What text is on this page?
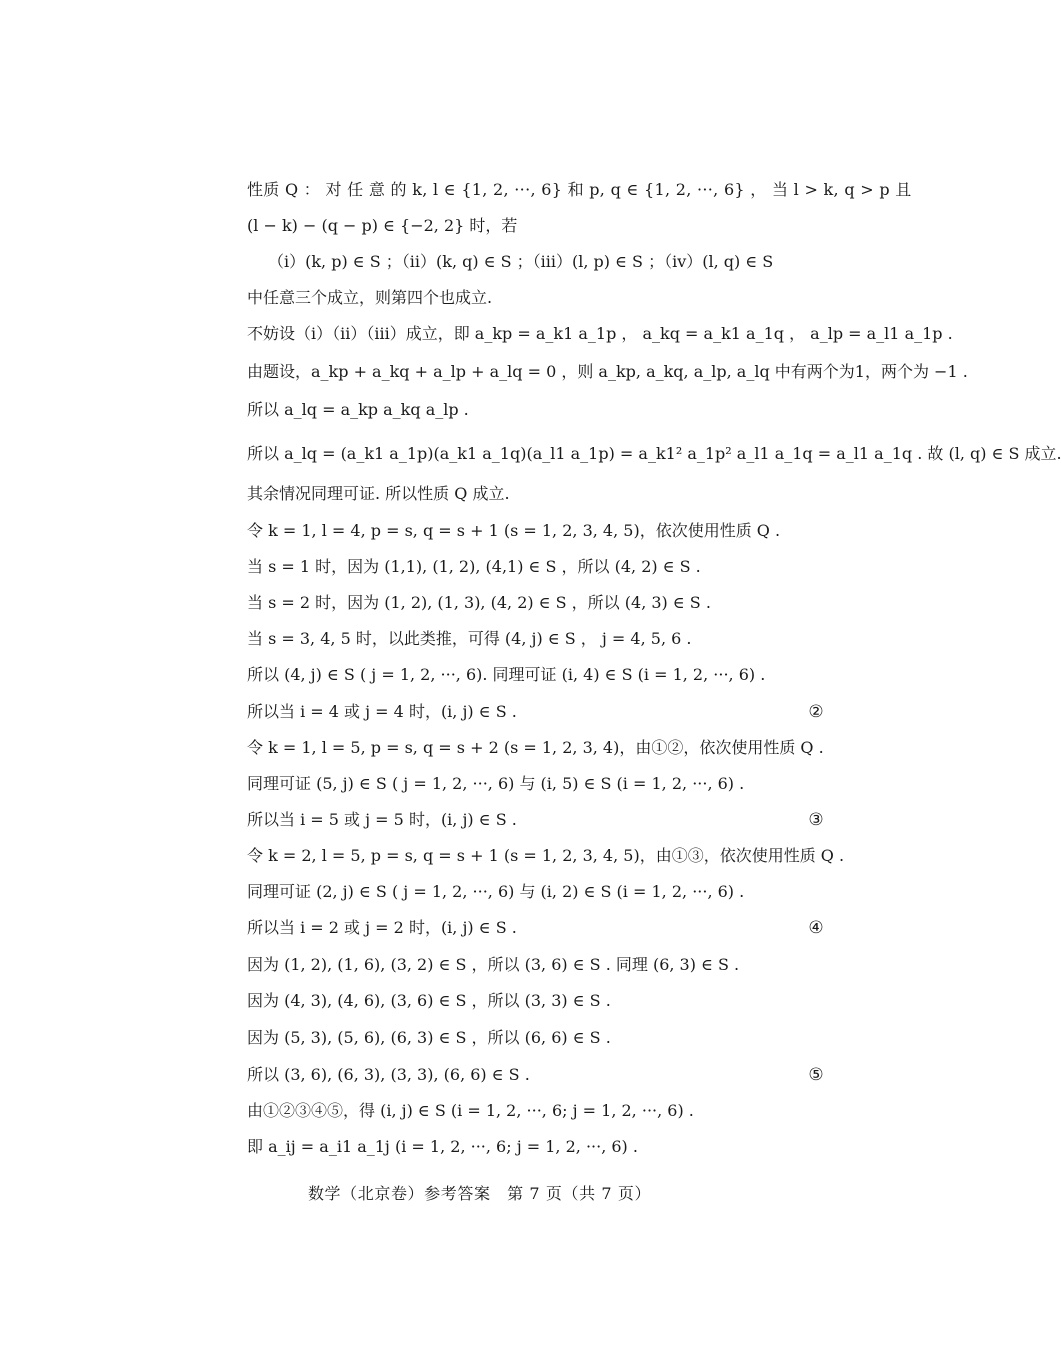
性质 Q ： 对 任 意 的 k, l ∈ {1, 2, ···, 6} 和 p, q ∈ {1, 2, ···, 6} ， 当 l > k, q > p 且
(l − k) − (q − p) ∈ {−2, 2} 时，若
（ⅰ）(k, p) ∈ S ；（ⅱ）(k, q) ∈ S ；（ⅲ）(l, p) ∈ S ；（ⅳ）(l, q) ∈ S
中任意三个成立，则第四个也成立.
不妨设（ⅰ）（ⅱ）（ⅲ）成立，即 a_kp = a_k1 a_1p ， a_kq = a_k1 a_1q ， a_lp = a_l1 a_1p .
由题设，a_kp + a_kq + a_lp + a_lq = 0 ，则 a_kp, a_kq, a_lp, a_lq 中有两个为1，两个为 −1 .
所以 a_lq = a_kp a_kq a_lp .
所以 a_lq = (a_k1 a_1p)(a_k1 a_1q)(a_l1 a_1p) = a_k1² a_1p² a_l1 a_1q = a_l1 a_1q . 故 (l, q) ∈ S 成立.
其余情况同理可证. 所以性质 Q 成立.
令 k = 1, l = 4, p = s, q = s + 1 (s = 1, 2, 3, 4, 5)，依次使用性质 Q .
当 s = 1 时，因为 (1,1), (1, 2), (4,1) ∈ S ，所以 (4, 2) ∈ S .
当 s = 2 时，因为 (1, 2), (1, 3), (4, 2) ∈ S ，所以 (4, 3) ∈ S .
当 s = 3, 4, 5 时，以此类推，可得 (4, j) ∈ S ， j = 4, 5, 6 .
所以 (4, j) ∈ S ( j = 1, 2, ···, 6). 同理可证 (i, 4) ∈ S (i = 1, 2, ···, 6) .
所以当 i = 4 或 j = 4 时，(i, j) ∈ S .	②
令 k = 1, l = 5, p = s, q = s + 2 (s = 1, 2, 3, 4)，由①②，依次使用性质 Q .
同理可证 (5, j) ∈ S ( j = 1, 2, ···, 6) 与 (i, 5) ∈ S (i = 1, 2, ···, 6) .
所以当 i = 5 或 j = 5 时，(i, j) ∈ S .	③
令 k = 2, l = 5, p = s, q = s + 1 (s = 1, 2, 3, 4, 5)，由①③，依次使用性质 Q .
同理可证 (2, j) ∈ S ( j = 1, 2, ···, 6) 与 (i, 2) ∈ S (i = 1, 2, ···, 6) .
所以当 i = 2 或 j = 2 时，(i, j) ∈ S .	④
因为 (1, 2), (1, 6), (3, 2) ∈ S ，所以 (3, 6) ∈ S . 同理 (6, 3) ∈ S .
因为 (4, 3), (4, 6), (3, 6) ∈ S ，所以 (3, 3) ∈ S .
因为 (5, 3), (5, 6), (6, 3) ∈ S ，所以 (6, 6) ∈ S .
所以 (3, 6), (6, 3), (3, 3), (6, 6) ∈ S .	⑤
由①②③④⑤，得 (i, j) ∈ S (i = 1, 2, ···, 6; j = 1, 2, ···, 6) .
即 a_ij = a_i1 a_1j (i = 1, 2, ···, 6; j = 1, 2, ···, 6) .
数学（北京卷）参考答案　第 7 页（共 7 页）
